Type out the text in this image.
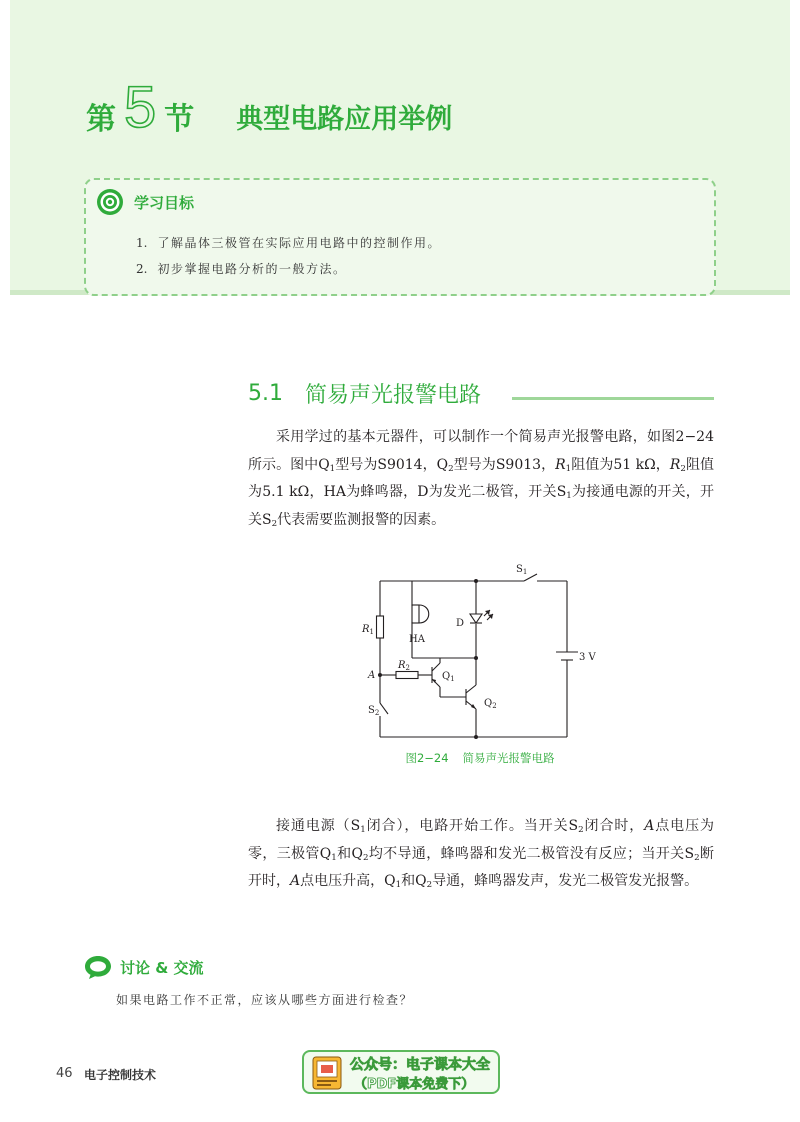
第 5 节 典型电路应用举例
学习目标
1. 了解晶体三极管在实际应用电路中的控制作用。
2. 初步掌握电路分析的一般方法。
5.1 简易声光报警电路

采用学过的基本元器件，可以制作一个简易声光报警电路，如图2−24所示。图中$Q_1$型号为S9014，$Q_2$型号为S9013，$R_1$阻值为51 kΩ，$R_2$阻值为5.1 kΩ，HA为蜂鸣器，D为发光二极管，开关$S_1$为接通电源的开关，开关$S_2$代表需要监测报警的因素。

$S_1$
$R_1$
HA
D
$R_2$
A	$Q_1$
$Q_2$
$S_2$
3 V
图2−24 简易声光报警电路

接通电源（$S_1$闭合），电路开始工作。当开关$S_2$闭合时，A点电压为零，三极管$Q_1$和$Q_2$均不导通，蜂鸣器和发光二极管没有反应；当开关$S_2$断开时，A点电压升高，$Q_1$和$Q_2$导通，蜂鸣器发声，发光二极管发光报警。

讨论 & 交流
如果电路工作不正常，应该从哪些方面进行检查？
46 电子控制技术
公众号：电子课本大全
（PDF课本免费下）
